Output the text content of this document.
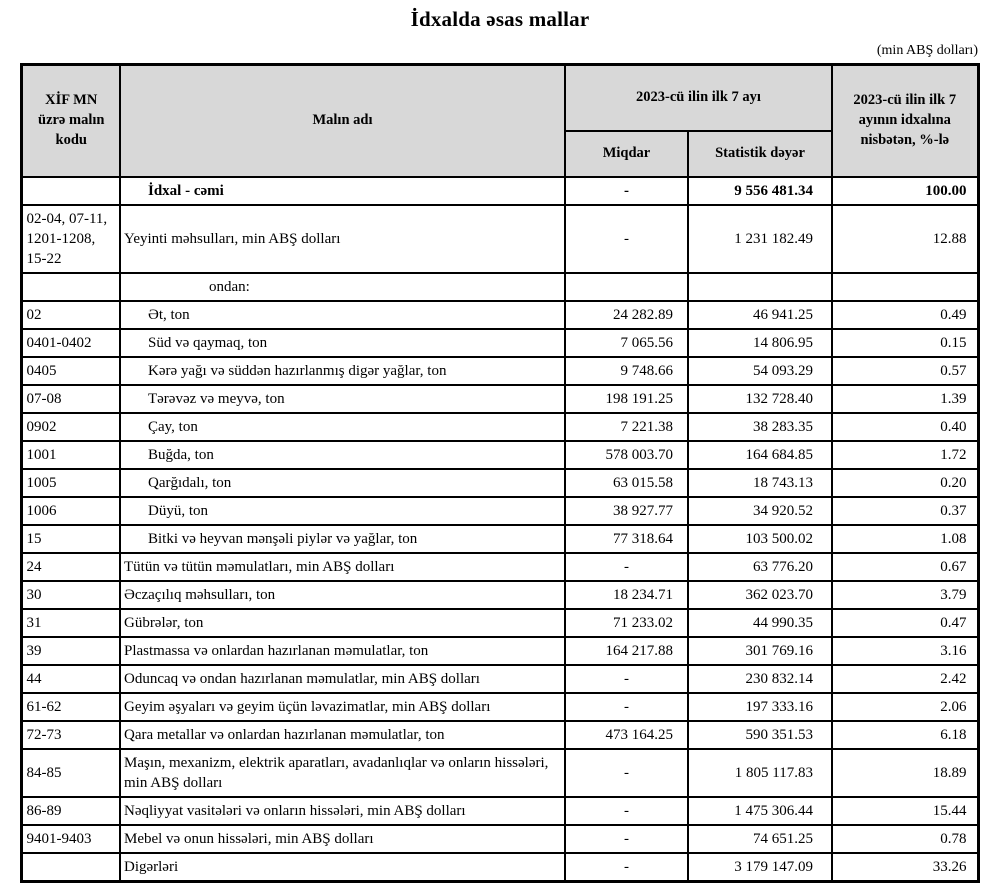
İdxalda əsas mallar
(min ABŞ dolları)
XİF MN üzrə malın kodu	Malın adı	2023-cü ilin ilk 7 ayı		2023-cü ilin ilk 7 ayının idxalına nisbətən, %-lə
		Miqdar	Statistik dəyər	
	İdxal - cəmi	-	9 556 481.34	100.00
02-04, 07-11, 1201-1208, 15-22	Yeyinti məhsulları, min ABŞ dolları	-	1 231 182.49	12.88
	ondan:			
02	Ət, ton	24 282.89	46 941.25	0.49
0401-0402	Süd və qaymaq, ton	7 065.56	14 806.95	0.15
0405	Kərə yağı və süddən hazırlanmış digər yağlar, ton	9 748.66	54 093.29	0.57
07-08	Tərəvəz və meyvə, ton	198 191.25	132 728.40	1.39
0902	Çay, ton	7 221.38	38 283.35	0.40
1001	Buğda, ton	578 003.70	164 684.85	1.72
1005	Qarğıdalı, ton	63 015.58	18 743.13	0.20
1006	Düyü, ton	38 927.77	34 920.52	0.37
15	Bitki və heyvan mənşəli piylər və yağlar, ton	77 318.64	103 500.02	1.08
24	Tütün və tütün məmulatları, min ABŞ dolları	-	63 776.20	0.67
30	Əczaçılıq məhsulları, ton	18 234.71	362 023.70	3.79
31	Gübrələr, ton	71 233.02	44 990.35	0.47
39	Plastmassa və onlardan hazırlanan məmulatlar, ton	164 217.88	301 769.16	3.16
44	Oduncaq və ondan hazırlanan məmulatlar, min ABŞ dolları	-	230 832.14	2.42
61-62	Geyim əşyaları və geyim üçün ləvazimatlar, min ABŞ dolları	-	197 333.16	2.06
72-73	Qara metallar və onlardan hazırlanan məmulatlar, ton	473 164.25	590 351.53	6.18
84-85	Maşın, mexanizm, elektrik aparatları, avadanlıqlar və onların hissələri, min ABŞ dolları	-	1 805 117.83	18.89
86-89	Nəqliyyat vasitələri və onların hissələri, min ABŞ dolları	-	1 475 306.44	15.44
9401-9403	Mebel və onun hissələri, min ABŞ dolları	-	74 651.25	0.78
	Digərləri	-	3 179 147.09	33.26
